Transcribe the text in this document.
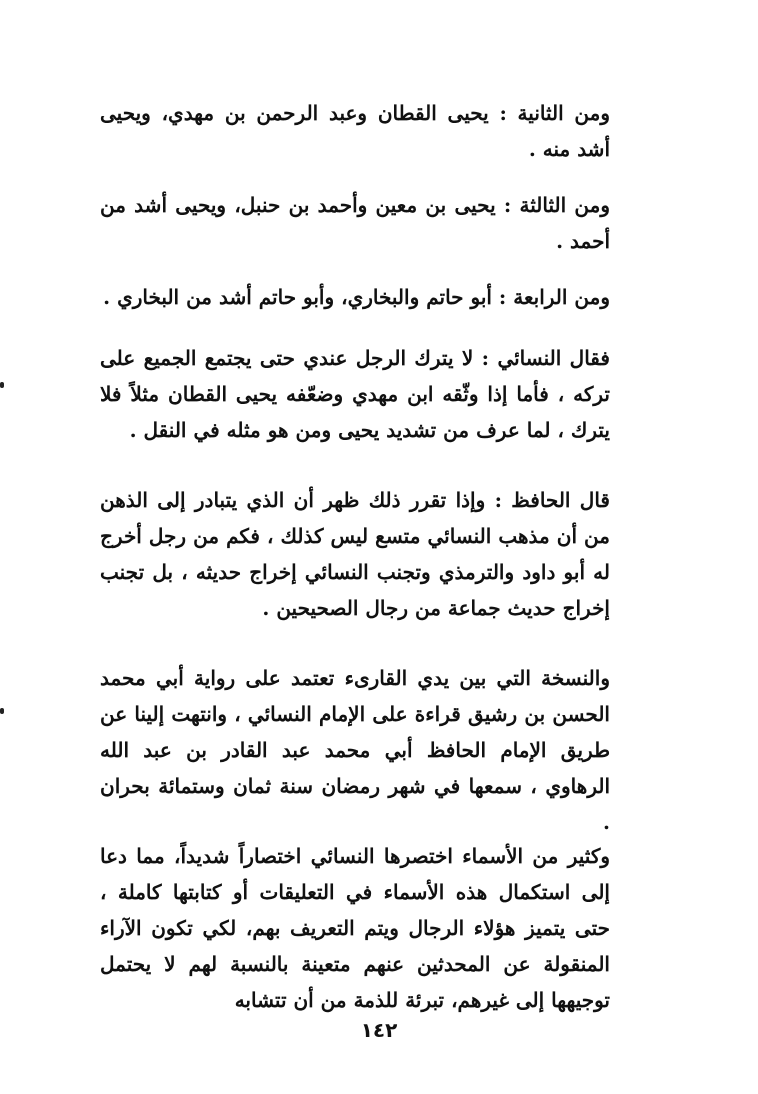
ومن الثانية : يحيى القطان وعبد الرحمن بن مهدي، ويحيى أشد منه .

ومن الثالثة : يحيى بن معين وأحمد بن حنبل، ويحيى أشد من أحمد .

ومن الرابعة : أبو حاتم والبخاري، وأبو حاتم أشد من البخاري .

فقال النسائي : لا يترك الرجل عندي حتى يجتمع الجميع على تركه ، فأما إذا وثّقه ابن مهدي وضعّفه يحيى القطان مثلاً فلا يترك ، لما عرف من تشديد يحيى ومن هو مثله في النقل .

قال الحافظ : وإذا تقرر ذلك ظهر أن الذي يتبادر إلى الذهن من أن مذهب النسائي متسع ليس كذلك ، فكم من رجل أخرج له أبو داود والترمذي وتجنب النسائي إخراج حديثه ، بل تجنب إخراج حديث جماعة من رجال الصحيحين .

والنسخة التي بين يدي القارىء تعتمد على رواية أبي محمد الحسن بن رشيق قراءة على الإمام النسائي ، وانتهت إلينا عن طريق الإمام الحافظ أبي محمد عبد القادر بن عبد الله الرهاوي ، سمعها في شهر رمضان سنة ثمان وستمائة بحران .

وكثير من الأسماء اختصرها النسائي اختصاراً شديداً، مما دعا إلى استكمال هذه الأسماء في التعليقات أو كتابتها كاملة ، حتى يتميز هؤلاء الرجال ويتم التعريف بهم، لكي تكون الآراء المنقولة عن المحدثين عنهم متعينة بالنسبة لهم لا يحتمل توجيهها إلى غيرهم، تبرئة للذمة من أن تتشابه

١٤٢
